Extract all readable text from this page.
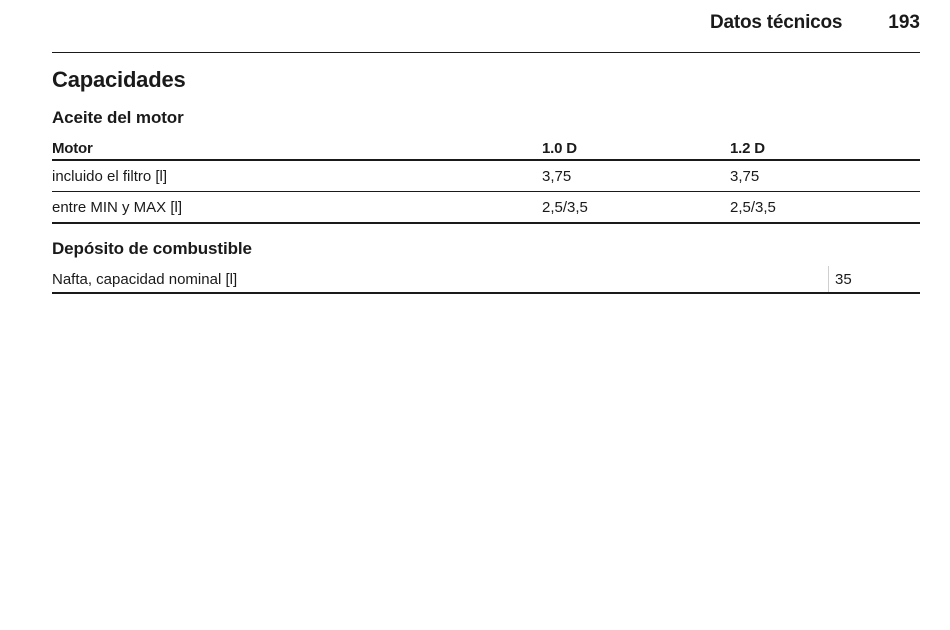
Datos técnicos 193
Capacidades
Aceite del motor
Motor	1.0 D	1.2 D
incluido el filtro [l]	3,75	3,75
entre MIN y MAX [l]	2,5/3,5	2,5/3,5
Depósito de combustible
Nafta, capacidad nominal [l]	35
